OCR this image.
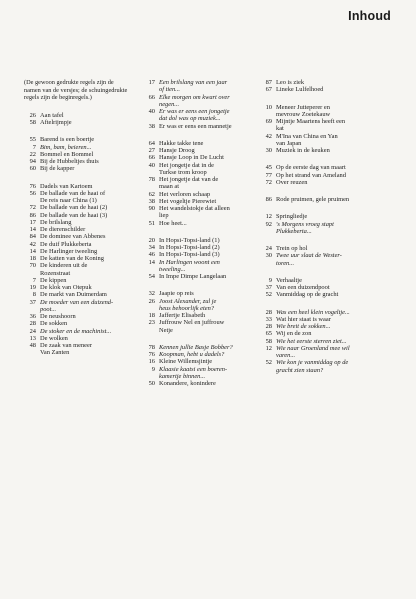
Inhoud

(De gewoon gedrukte regels zijn de namen van de versjes; de schuingedrukte regels zijn de beginregels.)

26 Aan tafel
58 Aftelrijmpje
55 Barend is een boertje
7 Bim, bam, beieren...
22 Bommel en Bommel
94 Bij de Hubbeltjes thuis
60 Bij de kapper
76 Dadels van Kartoem
56 De ballade van de haai of
De reis naar China (1)
72 De ballade van de haai (2)
86 De ballade van de haai (3)
17 De brilslang
14 De dierenschilder
84 De dominee van Abbenes
42 De duif Plukkeberta
14 De Harlinger tweeling
18 De katten van de Koning
70 De kinderen uit de
Rozenstraat
7 De kippen
19 De klok van Otepuk
8 De markt van Duimerdam
37 De moeder van een duizend-
poot...
36 De neushoorn
28 De sokken
24 De stoker en de machinist...
13 De wolken
48 De zaak van meneer
Van Zanten
17 Een brilslang van een jaar
of tien...
66 Elke morgen om kwart over
negen...
40 Er was er eens een jongetje
dat dol was op muziek...
38 Er was er eens een mannetje
64 Hakke takke tene
27 Hansje Droog
66 Hansje Loop in De Lucht
40 Het jongetje dat in de
Turkse trom kroop
78 Het jongetje dat van de
maan at
62 Het verloren schaap
38 Het vogeltje Pierewiet
90 Het wandelstokje dat alleen
liep
51 Hoe heet...
20 In Hopsi-Topsi-land (1)
34 In Hopsi-Topsi-land (2)
46 In Hopsi-Topsi-land (3)
14 In Harlingen woont een
tweeling...
54 In Impe Dimpe Langelaan
32 Jaapie op reis
26 Joost Alexander, zul je
heus behoorlijk eten?
18 Jaffertje Elisabeth
23 Juffrouw Nel en juffrouw
Netje
78 Kennen jullie Basje Bobber?
76 Koopman, hebt u dadels?
16 Kleine Willemsjintje
9 Klaasie kaatsi een boeren-
kamertje binnen...
50 Konandere, konindere
87 Leo is ziek
67 Lineke Lulfelhoed
10 Meneer Jutteperer en
mevrouw Zoetekauw
69 Mijntje Maartens heeft een
kat
42 M'Ina van China en Yan
van Japan
30 Muziek in de keuken
45 Op de eerste dag van maart
77 Op het strand van Ameland
72 Over reuzen
86 Rode pruimen, gele pruimen
12 Springliedje
92 's Morgens vroeg stapt
Plukkeberta...
24 Trein op hol
30 Twee uur slaat de Wester-
toren...
9 Verhaaltje
37 Van een duizendpoot
52 Vanmiddag op de gracht
28 Was een heel klein vogeltje...
33 Wat hier staat is waar
28 Wie breit de sokken...
65 Wij en de zon
58 Wie het eerste sterren ziet...
12 Wie naar Groenland mee wil
varen...
52 Wie kon je vanmiddag op de
gracht zien staan?
